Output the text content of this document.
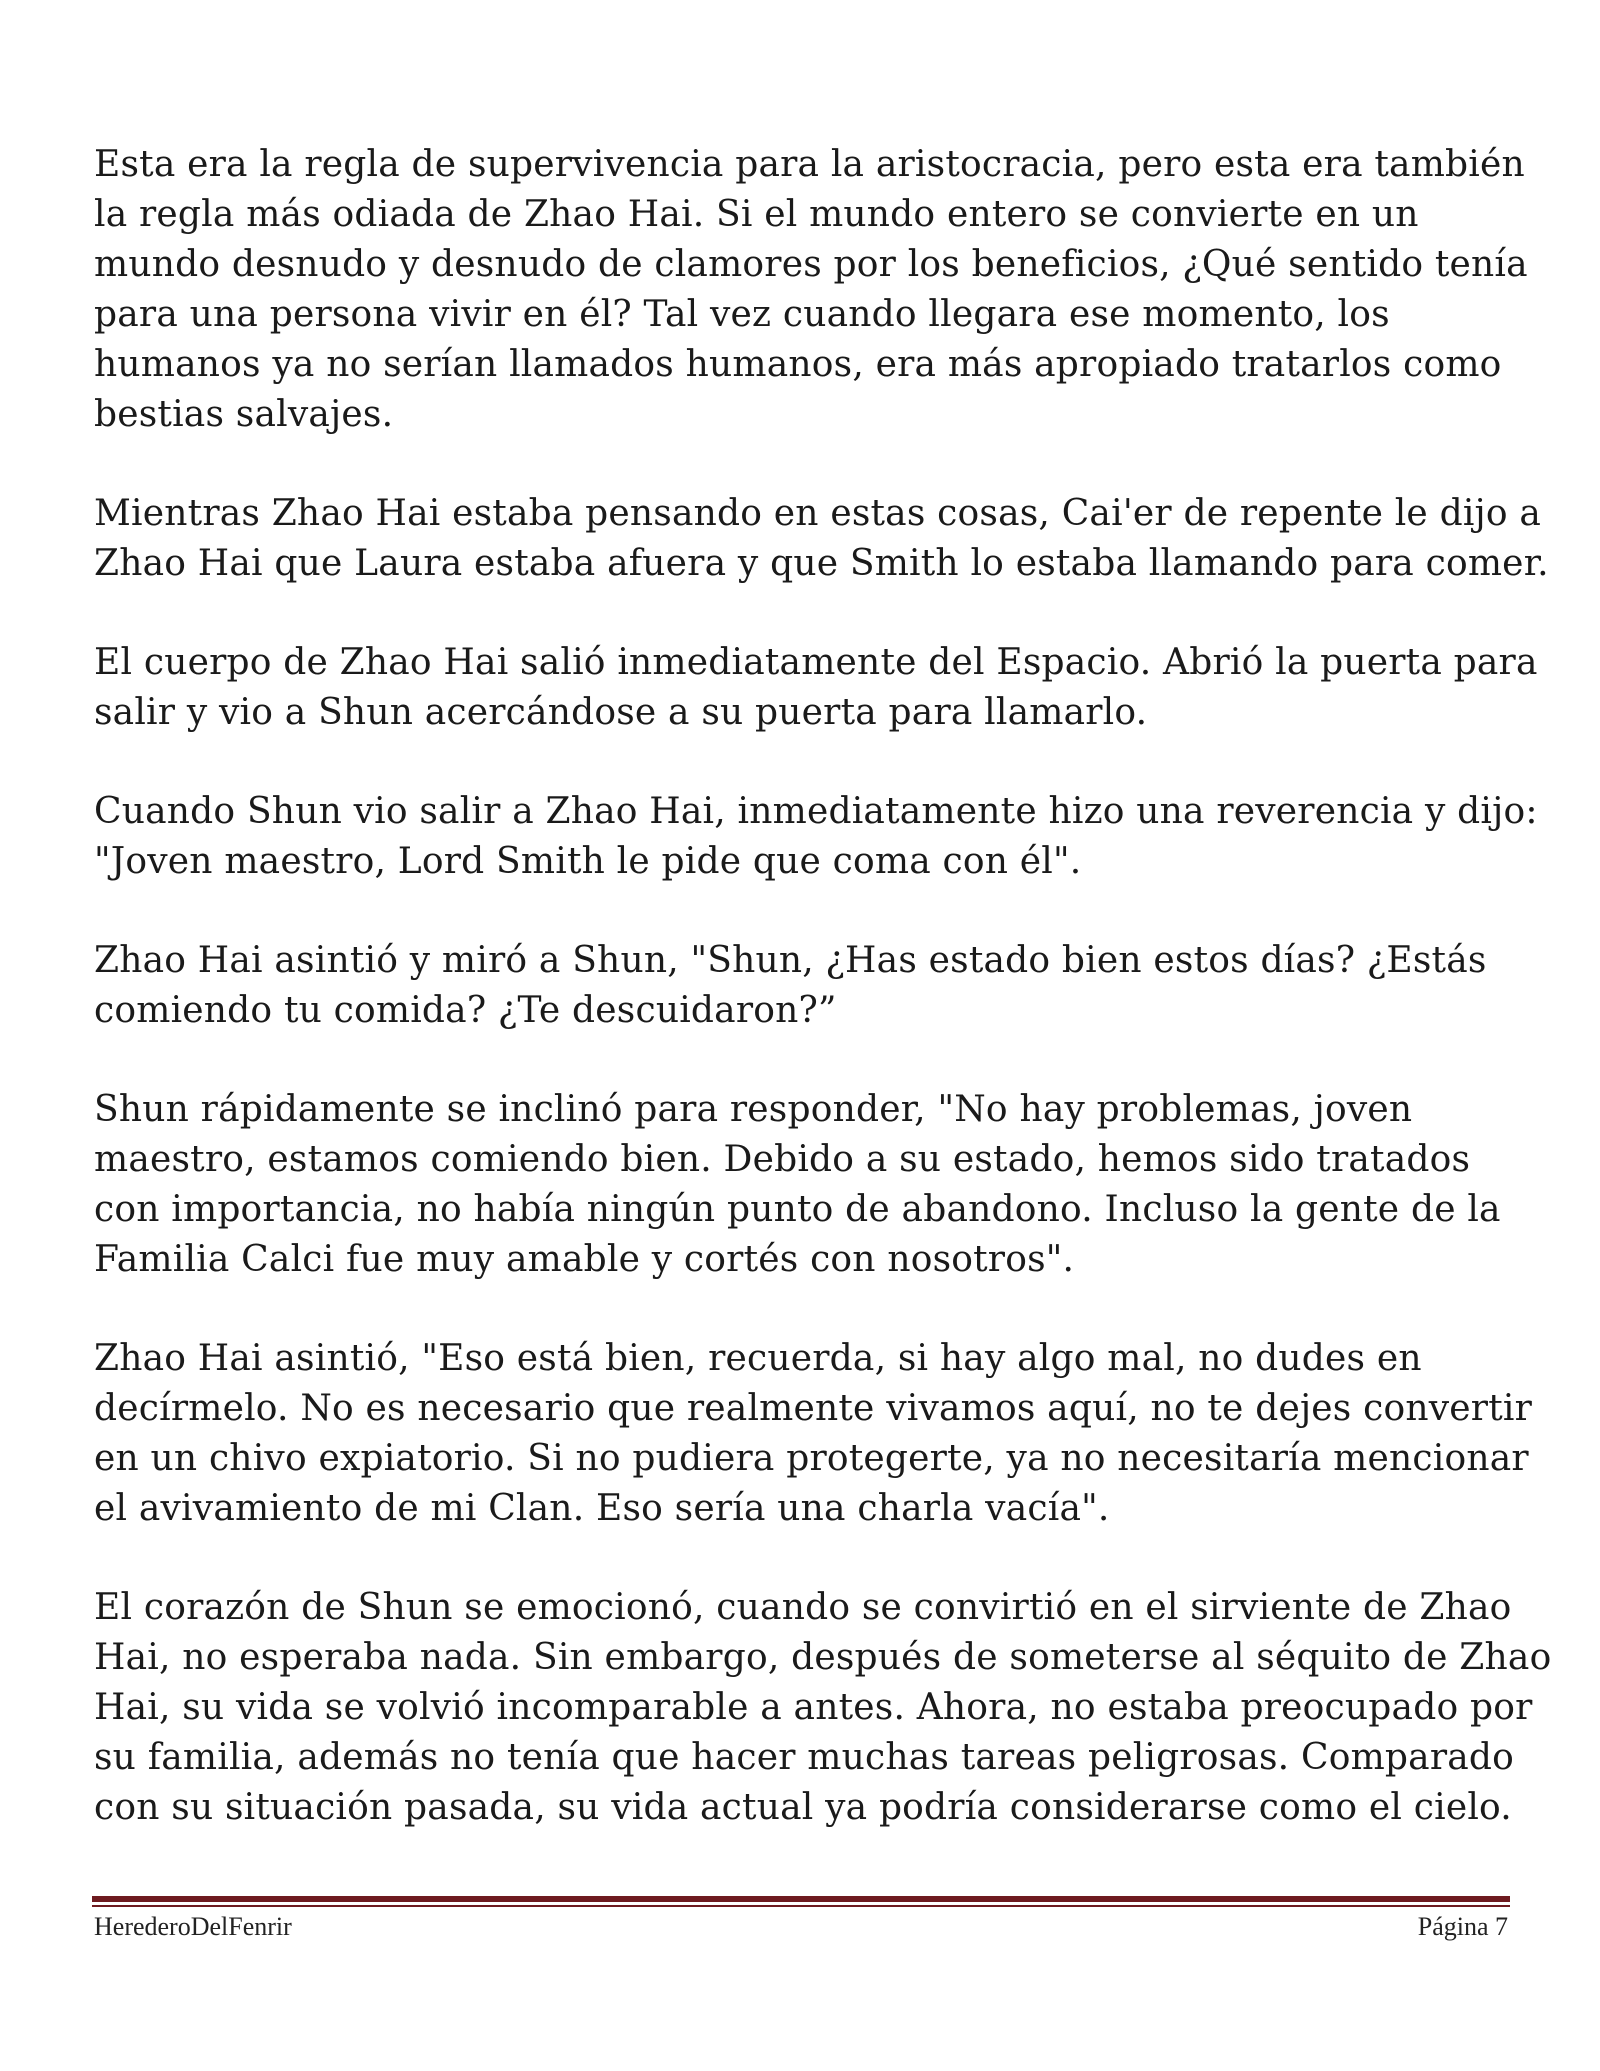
Esta era la regla de supervivencia para la aristocracia, pero esta era también
la regla más odiada de Zhao Hai. Si el mundo entero se convierte en un
mundo desnudo y desnudo de clamores por los beneficios, ¿Qué sentido tenía
para una persona vivir en él? Tal vez cuando llegara ese momento, los
humanos ya no serían llamados humanos, era más apropiado tratarlos como
bestias salvajes.

Mientras Zhao Hai estaba pensando en estas cosas, Cai'er de repente le dijo a
Zhao Hai que Laura estaba afuera y que Smith lo estaba llamando para comer.

El cuerpo de Zhao Hai salió inmediatamente del Espacio. Abrió la puerta para
salir y vio a Shun acercándose a su puerta para llamarlo.

Cuando Shun vio salir a Zhao Hai, inmediatamente hizo una reverencia y dijo:
"Joven maestro, Lord Smith le pide que coma con él".

Zhao Hai asintió y miró a Shun, "Shun, ¿Has estado bien estos días? ¿Estás
comiendo tu comida? ¿Te descuidaron?”

Shun rápidamente se inclinó para responder, "No hay problemas, joven
maestro, estamos comiendo bien. Debido a su estado, hemos sido tratados
con importancia, no había ningún punto de abandono. Incluso la gente de la
Familia Calci fue muy amable y cortés con nosotros".

Zhao Hai asintió, "Eso está bien, recuerda, si hay algo mal, no dudes en
decírmelo. No es necesario que realmente vivamos aquí, no te dejes convertir
en un chivo expiatorio. Si no pudiera protegerte, ya no necesitaría mencionar
el avivamiento de mi Clan. Eso sería una charla vacía".

El corazón de Shun se emocionó, cuando se convirtió en el sirviente de Zhao
Hai, no esperaba nada. Sin embargo, después de someterse al séquito de Zhao
Hai, su vida se volvió incomparable a antes. Ahora, no estaba preocupado por
su familia, además no tenía que hacer muchas tareas peligrosas. Comparado
con su situación pasada, su vida actual ya podría considerarse como el cielo.

HerederoDelFenrir	Página 7
